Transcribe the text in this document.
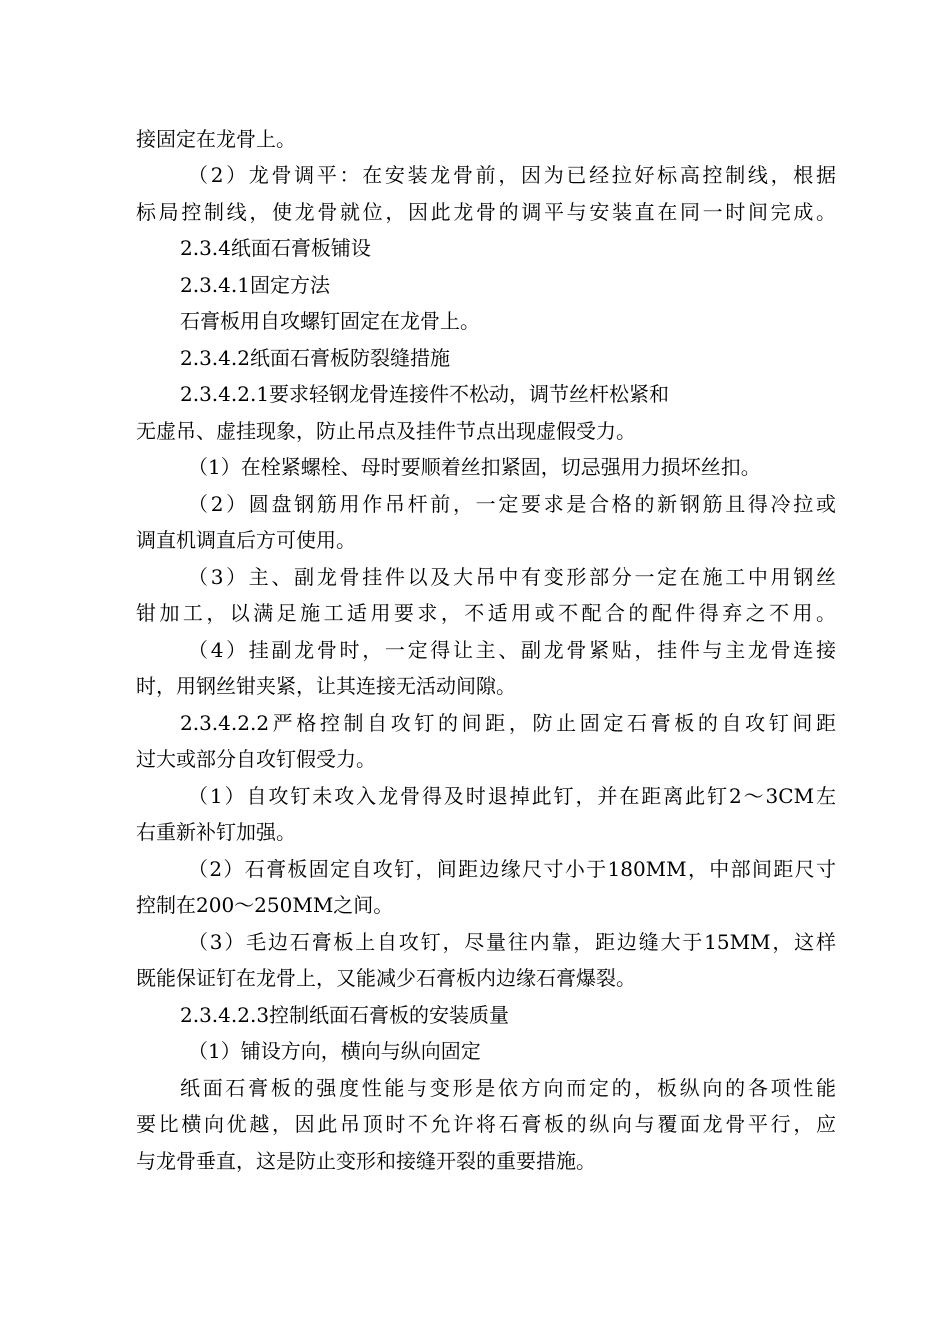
接固定在龙骨上。
（2）龙骨调平：在安装龙骨前，因为已经拉好标高控制线，根据
标局控制线，使龙骨就位，因此龙骨的调平与安装直在同一时间完成。
2.3.4纸面石膏板铺设
2.3.4.1固定方法
石膏板用自攻螺钉固定在龙骨上。
2.3.4.2纸面石膏板防裂缝措施
2.3.4.2.1要求轻钢龙骨连接件不松动，调节丝杆松紧和
无虚吊、虚挂现象，防止吊点及挂件节点出现虚假受力。
（1）在栓紧螺栓、母时要顺着丝扣紧固，切忌强用力损坏丝扣。
（2）圆盘钢筋用作吊杆前，一定要求是合格的新钢筋且得冷拉或
调直机调直后方可使用。
（3）主、副龙骨挂件以及大吊中有变形部分一定在施工中用钢丝
钳加工，以满足施工适用要求，不适用或不配合的配件得弃之不用。
（4）挂副龙骨时，一定得让主、副龙骨紧贴，挂件与主龙骨连接
时，用钢丝钳夹紧，让其连接无活动间隙。
2.3.4.2.2严格控制自攻钉的间距，防止固定石膏板的自攻钉间距
过大或部分自攻钉假受力。
（1）自攻钉未攻入龙骨得及时退掉此钉，并在距离此钉2～3CM左
右重新补钉加强。
（2）石膏板固定自攻钉，间距边缘尺寸小于180MM，中部间距尺寸
控制在200～250MM之间。
（3）毛边石膏板上自攻钉，尽量往内靠，距边缝大于15MM，这样
既能保证钉在龙骨上，又能减少石膏板内边缘石膏爆裂。
2.3.4.2.3控制纸面石膏板的安装质量
（1）铺设方向，横向与纵向固定
纸面石膏板的强度性能与变形是依方向而定的，板纵向的各项性能
要比横向优越，因此吊顶时不允许将石膏板的纵向与覆面龙骨平行，应
与龙骨垂直，这是防止变形和接缝开裂的重要措施。
